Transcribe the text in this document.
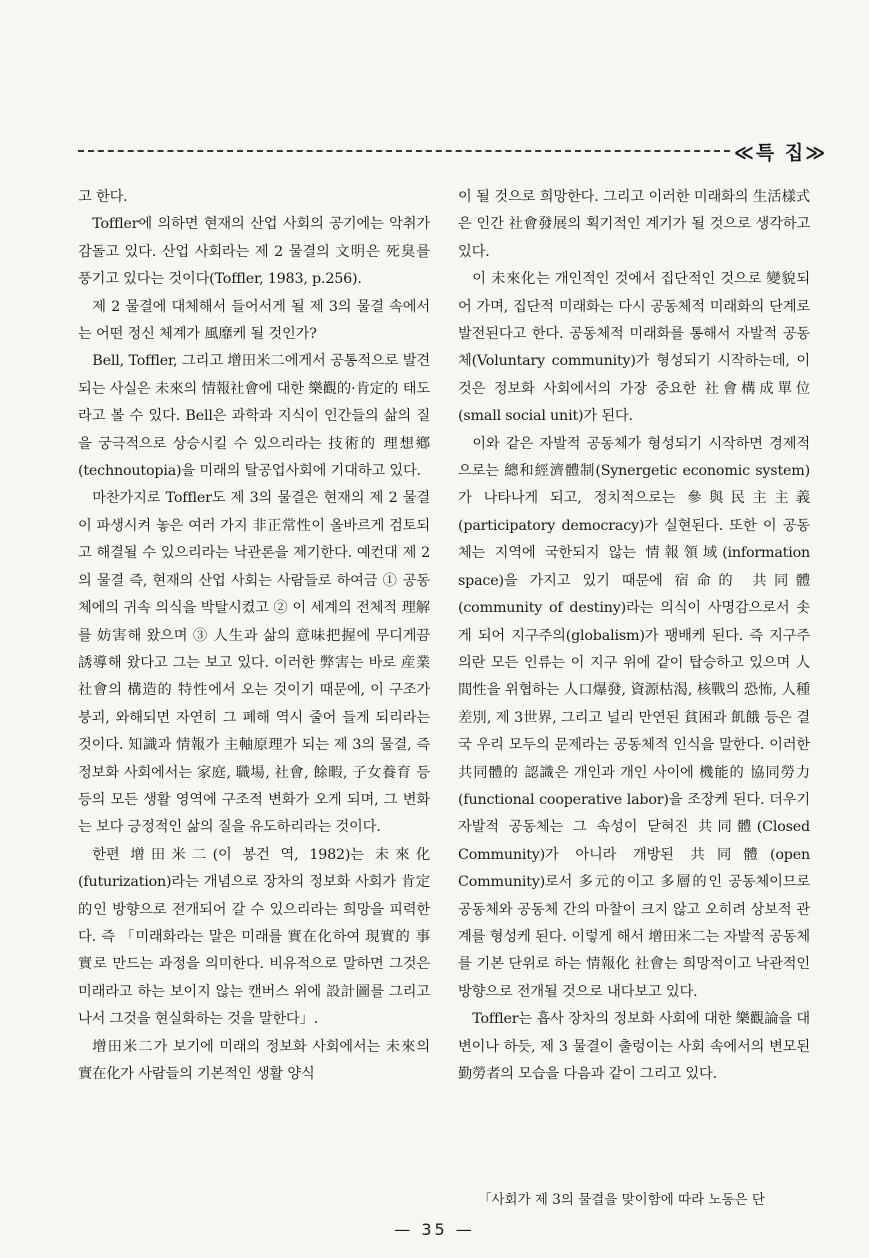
≪특 집≫

고 한다.

Toffler에 의하면 현재의 산업 사회의 공기에는 악취가 감돌고 있다. 산업 사회라는 제 2 물결의 文明은 死臭를 풍기고 있다는 것이다(Toffler, 1983, p.256).

제 2 물결에 대체해서 들어서게 될 제 3의 물결 속에서는 어떤 정신 체계가 風靡케 될 것인가?

Bell, Toffler, 그리고 增田米二에게서 공통적으로 발견되는 사실은 未來의 情報社會에 대한 樂觀的·肯定的 태도라고 볼 수 있다. Bell은 과학과 지식이 인간들의 삶의 질을 궁극적으로 상승시킬 수 있으리라는 技術的 理想鄕(technoutopia)을 미래의 탈공업사회에 기대하고 있다.

마찬가지로 Toffler도 제 3의 물결은 현재의 제 2 물결이 파생시켜 놓은 여러 가지 非正常性이 올바르게 검토되고 해결될 수 있으리라는 낙관론을 제기한다. 예컨대 제 2의 물결 즉, 현재의 산업 사회는 사람들로 하여금 ① 공동체에의 귀속 의식을 박탈시켰고 ② 이 세계의 전체적 理解를 妨害해 왔으며 ③ 人生과 삶의 意味把握에 무디게끔 誘導해 왔다고 그는 보고 있다. 이러한 弊害는 바로 産業社會의 構造的 特性에서 오는 것이기 때문에, 이 구조가 붕괴, 와해되면 자연히 그 폐해 역시 줄어 들게 되리라는 것이다. 知識과 情報가 主軸原理가 되는 제 3의 물결, 즉 정보화 사회에서는 家庭, 職場, 社會, 餘暇, 子女養育 등등의 모든 생활 영역에 구조적 변화가 오게 되며, 그 변화는 보다 긍정적인 삶의 질을 유도하리라는 것이다.

한편 增田米二(이 봉건 역, 1982)는 未來化(futurization)라는 개념으로 장차의 정보화 사회가 肯定的인 방향으로 전개되어 갈 수 있으리라는 희망을 피력한다. 즉 「미래화라는 말은 미래를 實在化하여 現實的 事實로 만드는 과정을 의미한다. 비유적으로 말하면 그것은 미래라고 하는 보이지 않는 캔버스 위에 設計圖를 그리고 나서 그것을 현실화하는 것을 말한다」.

增田米二가 보기에 미래의 정보화 사회에서는 未來의 實在化가 사람들의 기본적인 생활 양식

이 될 것으로 희망한다. 그리고 이러한 미래화의 生活樣式은 인간 社會發展의 획기적인 계기가 될 것으로 생각하고 있다.

이 未來化는 개인적인 것에서 집단적인 것으로 變貌되어 가며, 집단적 미래화는 다시 공동체적 미래화의 단계로 발전된다고 한다. 공동체적 미래화를 통해서 자발적 공동체(Voluntary community)가 형성되기 시작하는데, 이것은 정보화 사회에서의 가장 중요한 社會構成單位(small social unit)가 된다.

이와 같은 자발적 공동체가 형성되기 시작하면 경제적으로는 總和經濟體制(Synergetic economic system)가 나타나게 되고, 정치적으로는 參與民主主義(participatory democracy)가 실현된다. 또한 이 공동체는 지역에 국한되지 않는 情報領域(information space)을 가지고 있기 때문에 宿命的 共同體(community of destiny)라는 의식이 사명감으로서 솟게 되어 지구주의(globalism)가 팽배케 된다. 즉 지구주의란 모든 인류는 이 지구 위에 같이 탑승하고 있으며 人間性을 위협하는 人口爆發, 資源枯渴, 核戰의 恐怖, 人種差別, 제 3世界, 그리고 널리 만연된 貧困과 飢餓 등은 결국 우리 모두의 문제라는 공동체적 인식을 말한다. 이러한 共同體的 認識은 개인과 개인 사이에 機能的 協同勞力(functional cooperative labor)을 조장케 된다. 더우기 자발적 공동체는 그 속성이 닫혀진 共同體(Closed Community)가 아니라 개방된 共同體(open Community)로서 多元的이고 多層的인 공동체이므로 공동체와 공동체 간의 마찰이 크지 않고 오히려 상보적 관계를 형성케 된다. 이렇게 해서 增田米二는 자발적 공동체를 기본 단위로 하는 情報化 社會는 희망적이고 낙관적인 방향으로 전개될 것으로 내다보고 있다.

Toffler는 흡사 장차의 정보화 사회에 대한 樂觀論을 대변이나 하듯, 제 3 물결이 출렁이는 사회 속에서의 변모된 勤勞者의 모습을 다음과 같이 그리고 있다.

「사회가 제 3의 물결을 맞이함에 따라 노동은 단
— 35 —
